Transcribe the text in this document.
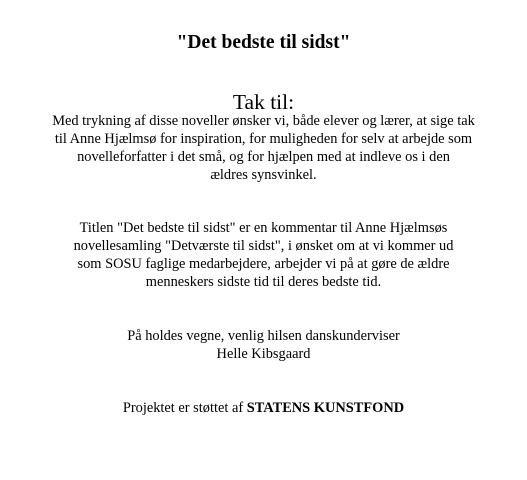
"Det bedste til sidst"
Tak til:
Med trykning af disse noveller ønsker vi, både elever og lærer, at sige tak
til Anne Hjælmsø for inspiration, for muligheden for selv at arbejde som
novelleforfatter i det små, og for hjælpen med at indleve os i den
ældres synsvinkel.
Titlen "Det bedste til sidst" er en kommentar til Anne Hjælmsøs
novellesamling "Detværste til sidst", i ønsket om at vi kommer ud
som SOSU faglige medarbejdere, arbejder vi på at gøre de ældre
menneskers sidste tid til deres bedste tid.
På holdes vegne, venlig hilsen danskunderviser
Helle Kibsgaard
Projektet er støttet af STATENS KUNSTFOND
